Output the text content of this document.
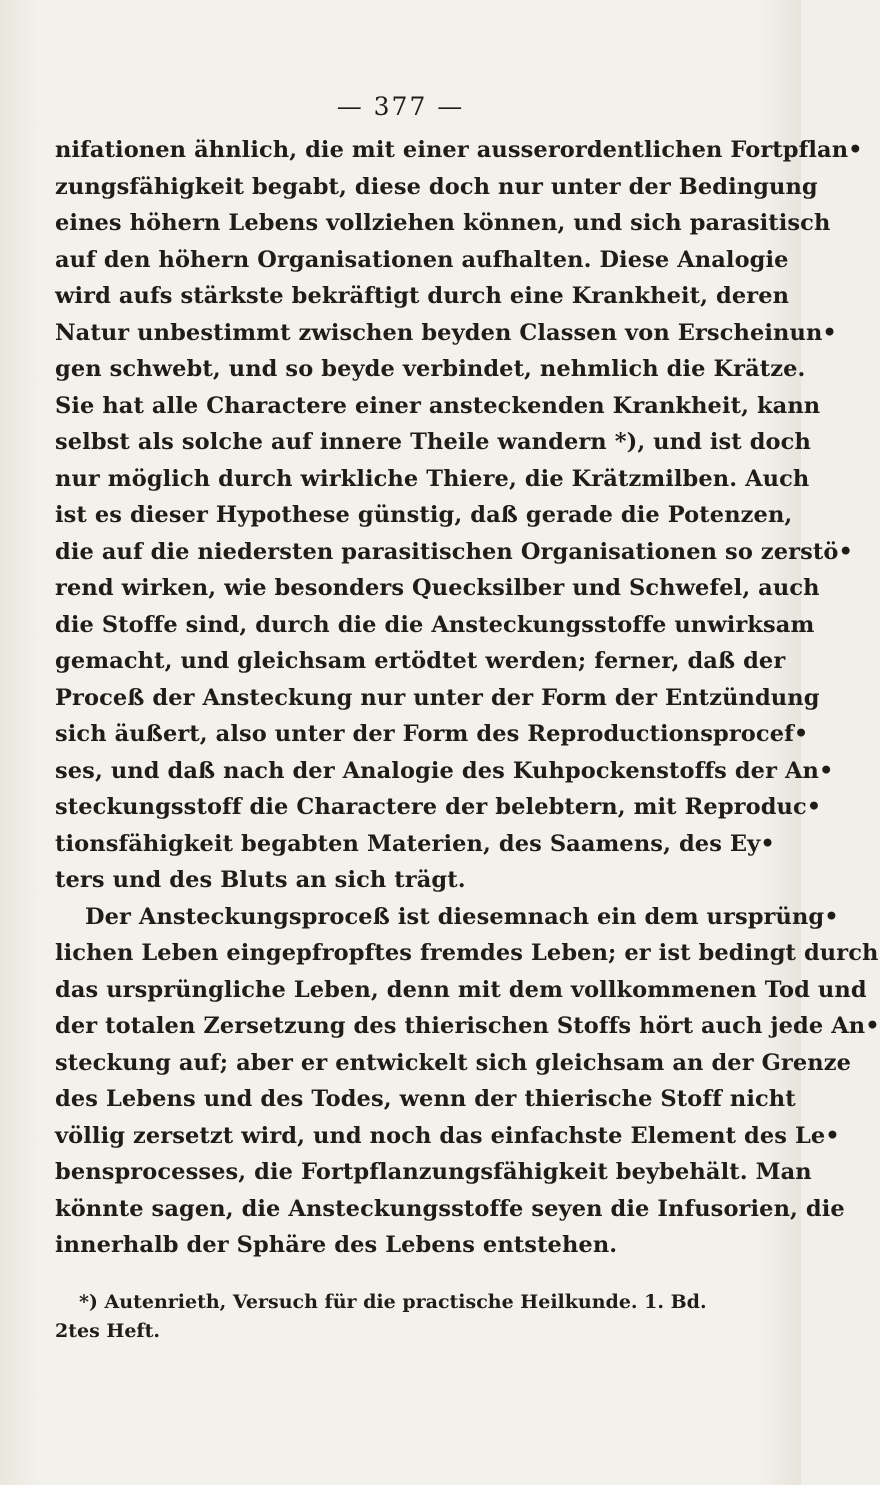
— 377 —
nifationen ähnlich, die mit einer ausserordentlichen Fortpflan•
zungsfähigkeit begabt, diese doch nur unter der Bedingung
eines höhern Lebens vollziehen können, und sich parasitisch
auf den höhern Organisationen aufhalten. Diese Analogie
wird aufs stärkste bekräftigt durch eine Krankheit, deren
Natur unbestimmt zwischen beyden Classen von Erscheinun•
gen schwebt, und so beyde verbindet, nehmlich die Krätze.
Sie hat alle Charactere einer ansteckenden Krankheit, kann
selbst als solche auf innere Theile wandern *), und ist doch
nur möglich durch wirkliche Thiere, die Krätzmilben. Auch
ist es dieser Hypothese günstig, daß gerade die Potenzen,
die auf die niedersten parasitischen Organisationen so zerstö•
rend wirken, wie besonders Quecksilber und Schwefel, auch
die Stoffe sind, durch die die Ansteckungsstoffe unwirksam
gemacht, und gleichsam ertödtet werden; ferner, daß der
Proceß der Ansteckung nur unter der Form der Entzündung
sich äußert, also unter der Form des Reproductionsprocef•
ses, und daß nach der Analogie des Kuhpockenstoffs der An•
steckungsstoff die Charactere der belebtern, mit Reproduc•
tionsfähigkeit begabten Materien, des Saamens, des Ey•
ters und des Bluts an sich trägt.
Der Ansteckungsproceß ist diesemnach ein dem ursprüng•
lichen Leben eingepfropftes fremdes Leben; er ist bedingt durch
das ursprüngliche Leben, denn mit dem vollkommenen Tod und
der totalen Zersetzung des thierischen Stoffs hört auch jede An•
steckung auf; aber er entwickelt sich gleichsam an der Grenze
des Lebens und des Todes, wenn der thierische Stoff nicht
völlig zersetzt wird, und noch das einfachste Element des Le•
bensprocesses, die Fortpflanzungsfähigkeit beybehält. Man
könnte sagen, die Ansteckungsstoffe seyen die Infusorien, die
innerhalb der Sphäre des Lebens entstehen.
*) Autenrieth, Versuch für die practische Heilkunde. 1. Bd.
2tes Heft.
